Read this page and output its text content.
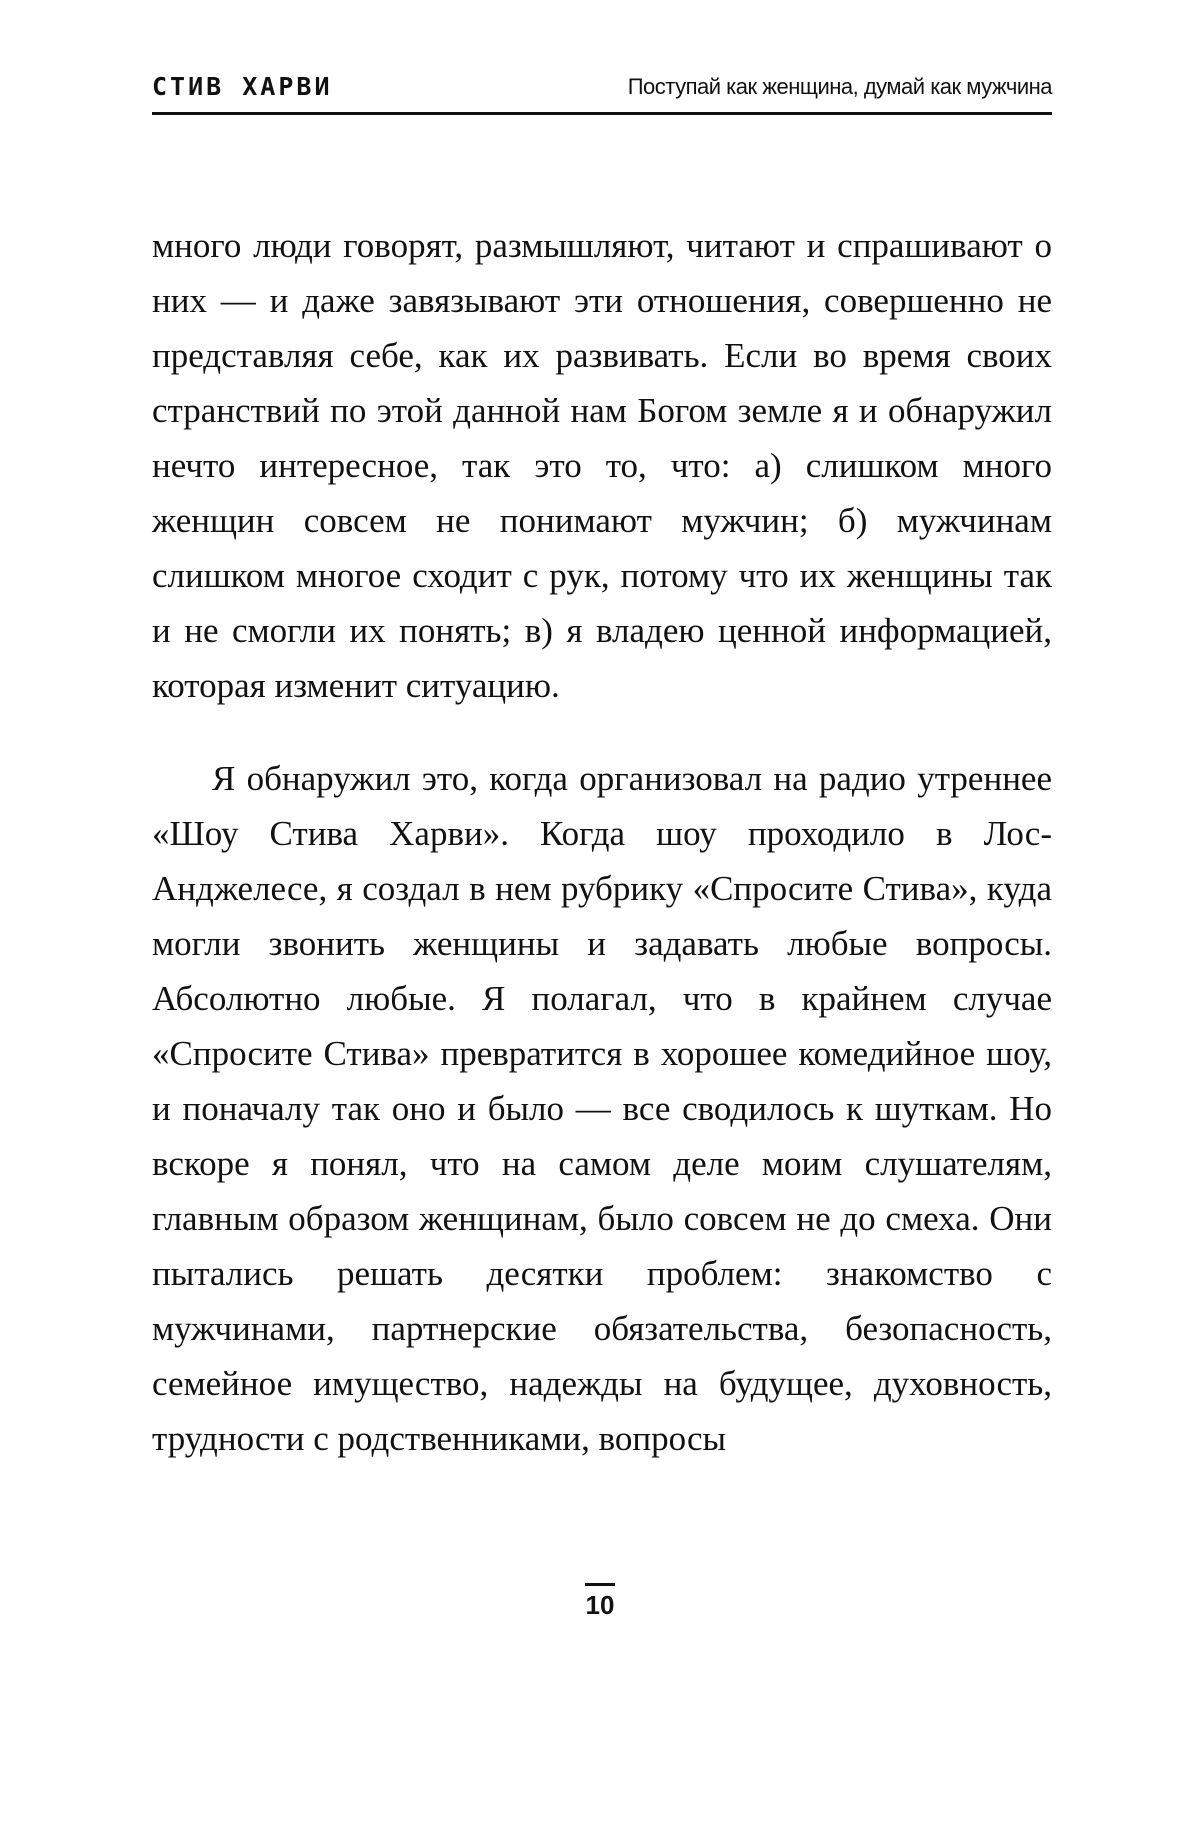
СТИВ ХАРВИ	Поступай как женщина, думай как мужчина

много люди говорят, размышляют, читают и спрашивают о них — и даже завязывают эти отношения, совершенно не представляя себе, как их развивать. Если во время своих странствий по этой данной нам Богом земле я и обнаружил нечто интересное, так это то, что: а) слишком много женщин совсем не понимают мужчин; б) мужчинам слишком многое сходит с рук, потому что их женщины так и не смогли их понять; в) я владею ценной информацией, которая изменит ситуацию.

Я обнаружил это, когда организовал на радио утреннее «Шоу Стива Харви». Когда шоу проходило в Лос-Анджелесе, я создал в нем рубрику «Спросите Стива», куда могли звонить женщины и задавать любые вопросы. Абсолютно любые. Я полагал, что в крайнем случае «Спросите Стива» превратится в хорошее комедийное шоу, и поначалу так оно и было — все сводилось к шуткам. Но вскоре я понял, что на самом деле моим слушателям, главным образом женщинам, было совсем не до смеха. Они пытались решать десятки проблем: знакомство с мужчинами, партнерские обязательства, безопасность, семейное имущество, надежды на будущее, духовность, трудности с родственниками, вопросы

10
